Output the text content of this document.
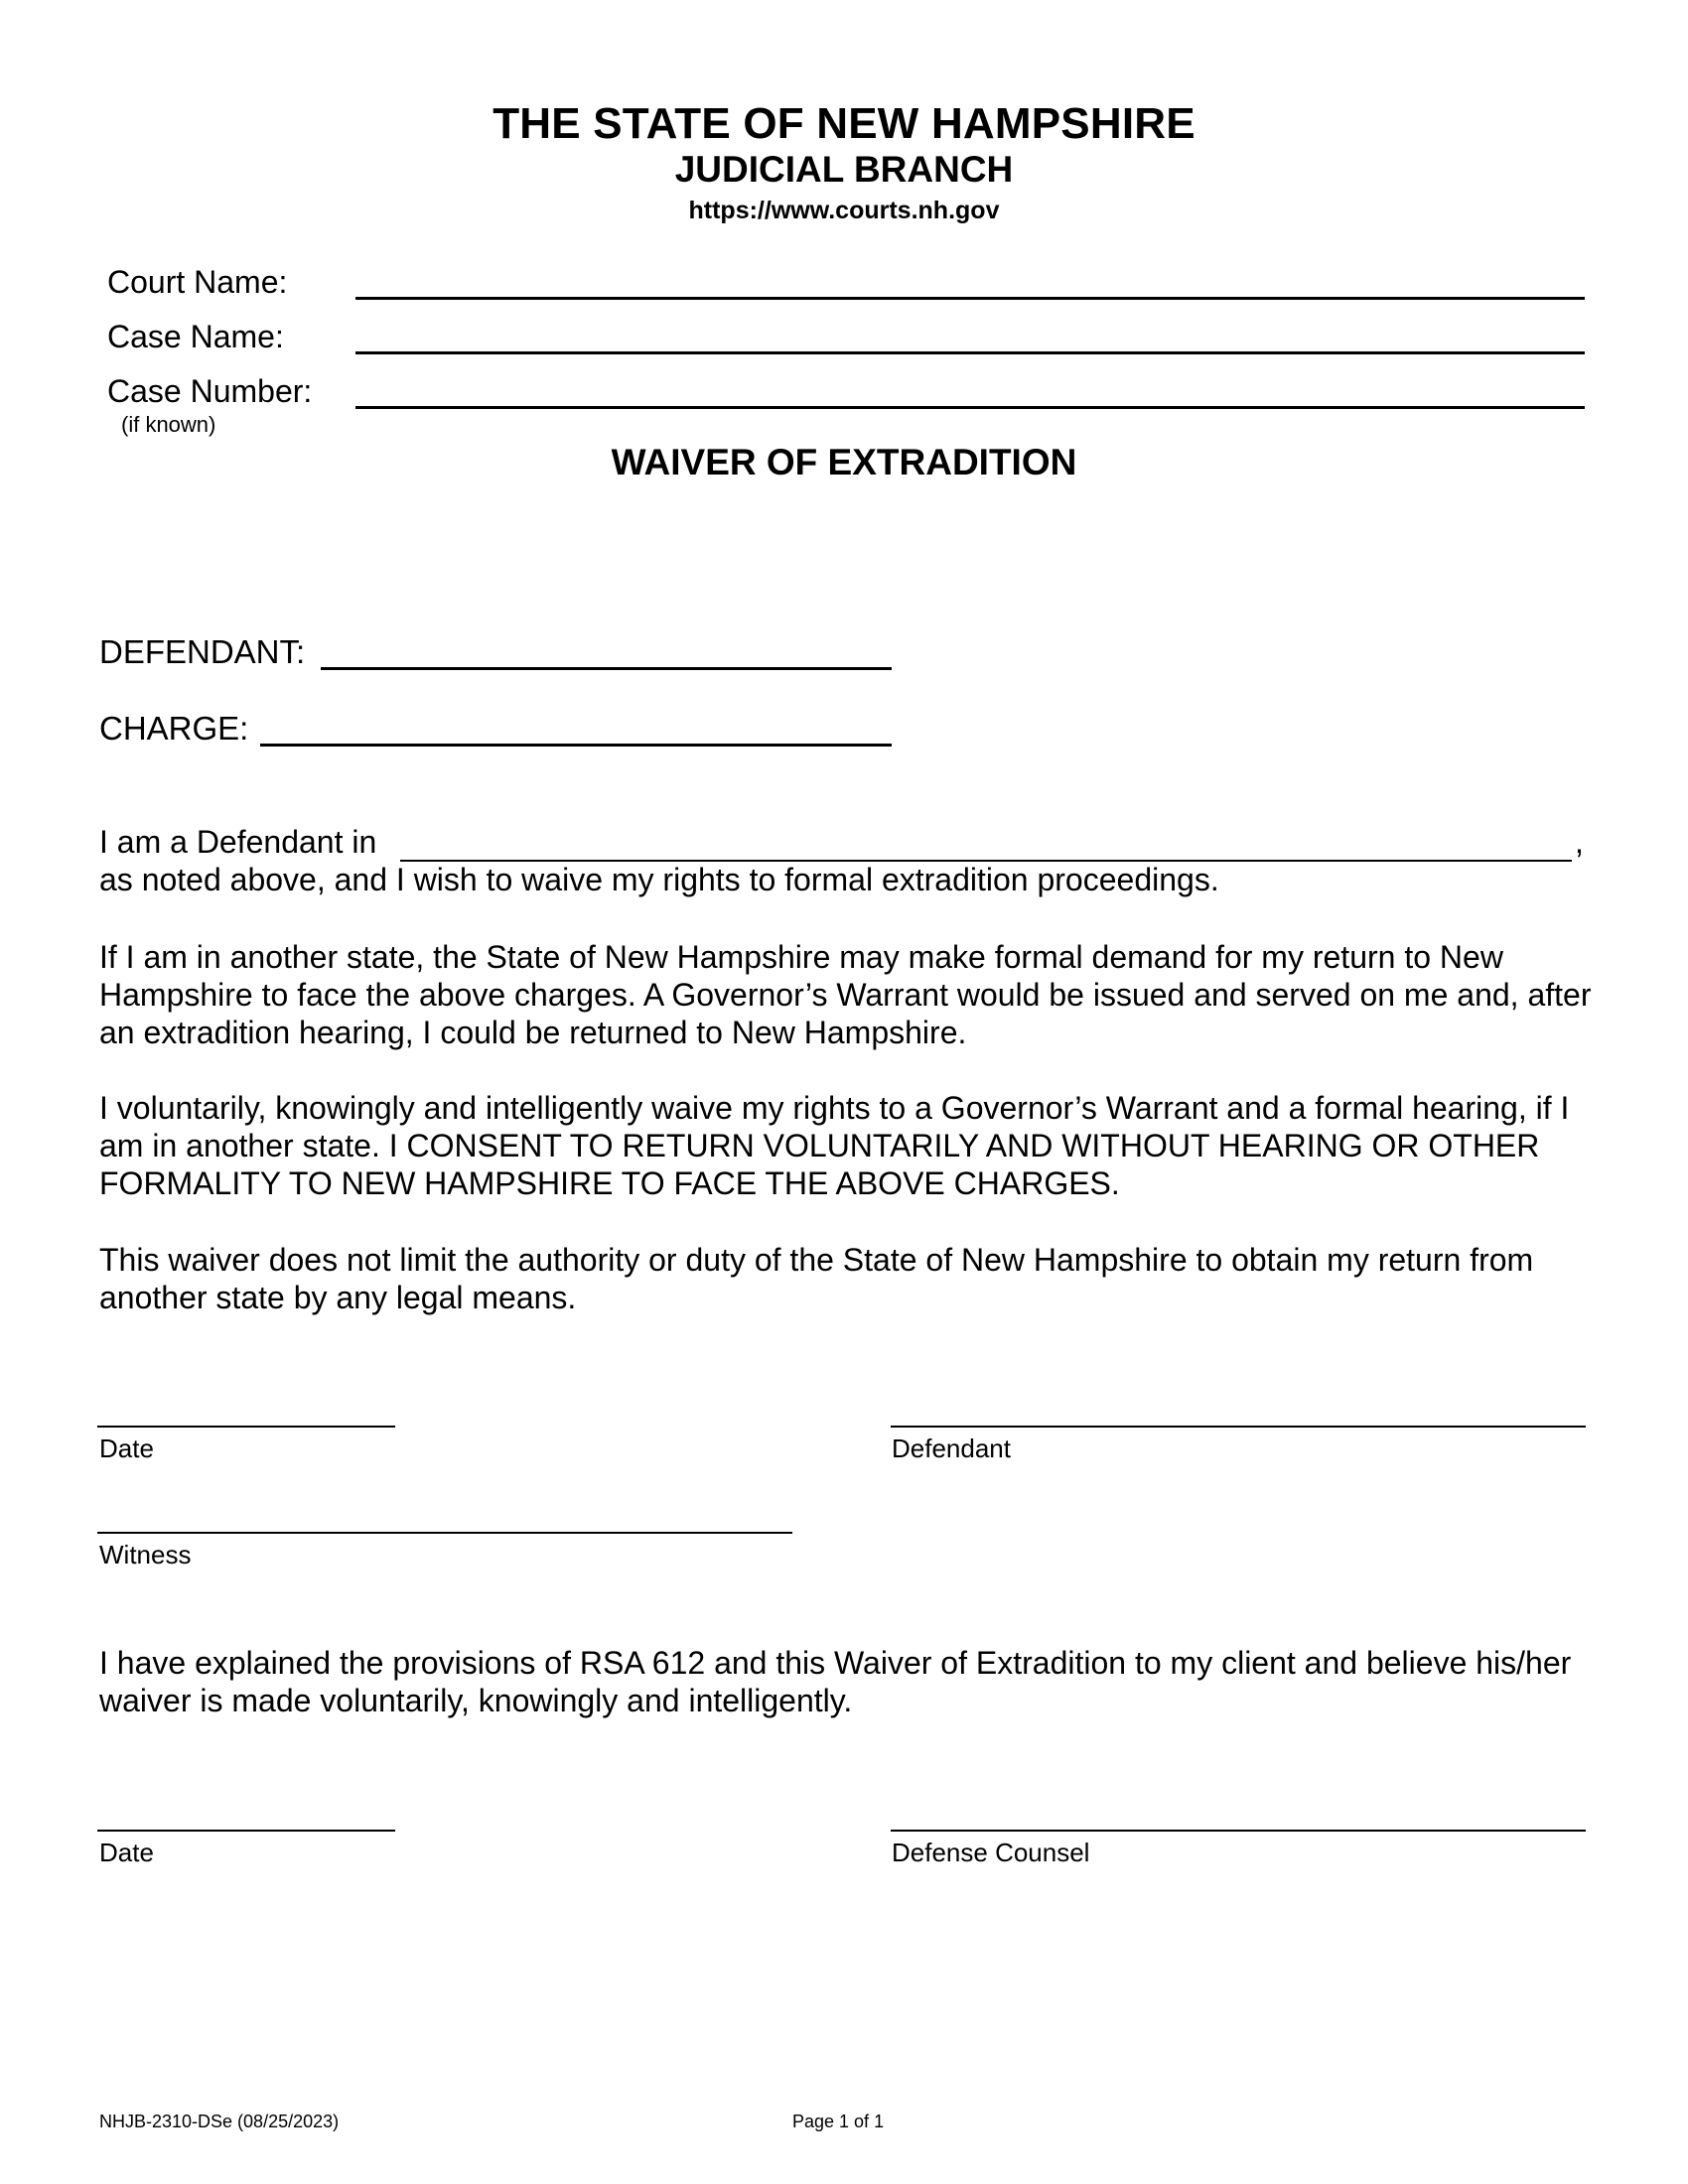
THE STATE OF NEW HAMPSHIRE
JUDICIAL BRANCH
https://www.courts.nh.gov
Court Name:
Case Name:
Case Number:
(if known)
WAIVER OF EXTRADITION
DEFENDANT:
CHARGE:
I am a Defendant in	,
as noted above, and I wish to waive my rights to formal extradition proceedings.
If I am in another state, the State of New Hampshire may make formal demand for my return to New Hampshire to face the above charges. A Governor’s Warrant would be issued and served on me and, after an extradition hearing, I could be returned to New Hampshire.
I voluntarily, knowingly and intelligently waive my rights to a Governor’s Warrant and a formal hearing, if I am in another state. I CONSENT TO RETURN VOLUNTARILY AND WITHOUT HEARING OR OTHER FORMALITY TO NEW HAMPSHIRE TO FACE THE ABOVE CHARGES.
This waiver does not limit the authority or duty of the State of New Hampshire to obtain my return from another state by any legal means.
Date	Defendant
Witness
I have explained the provisions of RSA 612 and this Waiver of Extradition to my client and believe his/her waiver is made voluntarily, knowingly and intelligently.
Date	Defense Counsel
NHJB-2310-DSe (08/25/2023)	Page 1 of 1
